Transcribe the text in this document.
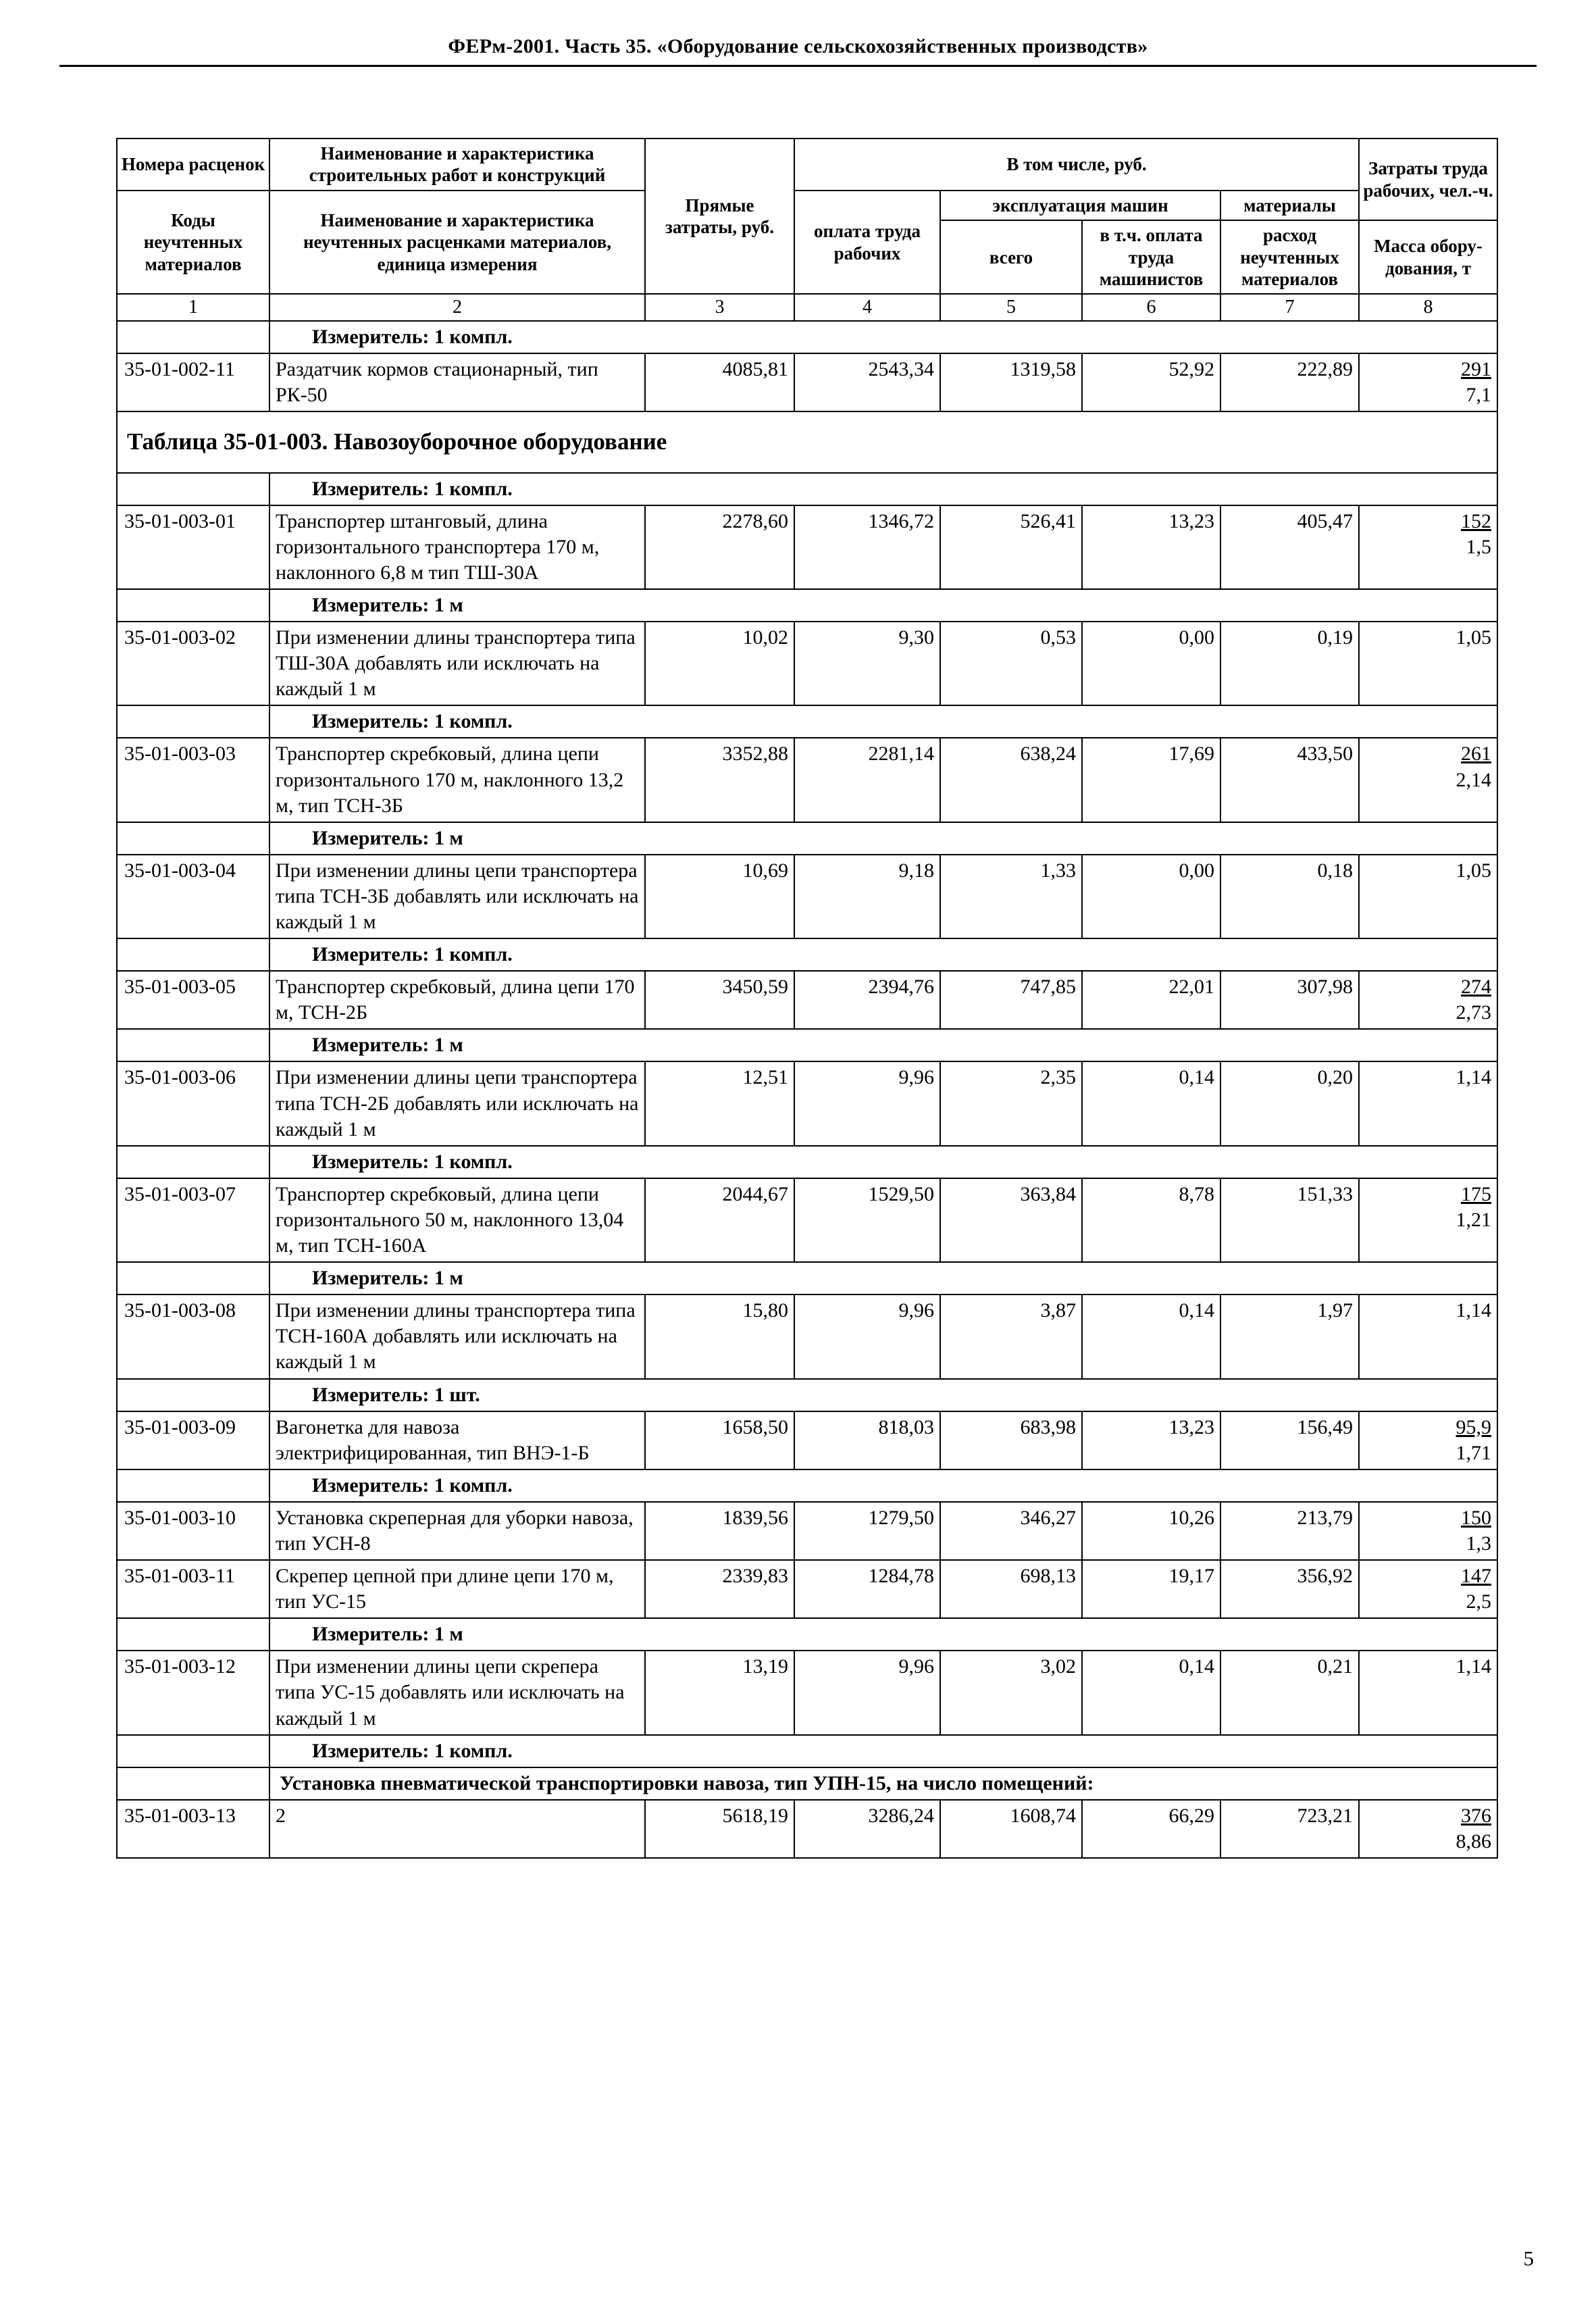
ФЕРм-2001. Часть 35. «Оборудование сельскохозяйственных производств»
Номера расценок	Наименование и характеристика строительных работ и конструкций	Прямые затраты, руб.	В том числе, руб.				Затраты труда рабочих, чел.-ч.
Коды неучтенных материалов	Наименование и характеристика неучтенных расценками материалов, единица измерения		оплата труда рабочих	эксплуатация машин		материалы	
				всего	в т.ч. оплата труда машинистов	расход неучтенных материалов	Масса оборудования, т
1	2	3	4	5	6	7	8
	Измеритель: 1 компл.						
35-01-002-11	Раздатчик кормов стационарный, тип РК-50	4085,81	2543,34	1319,58	52,92	222,89	291
7,1

Таблица 35-01-003. Навозоуборочное оборудование							
	Измеритель: 1 компл.						
35-01-003-01	Транспортер штанговый, длина горизонтального транспортера 170 м, наклонного 6,8 м тип ТШ-30А	2278,60	1346,72	526,41	13,23	405,47	152
1,5

	Измеритель: 1 м						
35-01-003-02	При изменении длины транспортера типа ТШ-30А добавлять или исключать на каждый 1 м	10,02	9,30	0,53	0,00	0,19	1,05

	Измеритель: 1 компл.						
35-01-003-03	Транспортер скребковый, длина цепи горизонтального 170 м, наклонного 13,2 м, тип ТСН-3Б	3352,88	2281,14	638,24	17,69	433,50	261
2,14

	Измеритель: 1 м						
35-01-003-04	При изменении длины цепи транспортера типа ТСН-3Б добавлять или исключать на каждый 1 м	10,69	9,18	1,33	0,00	0,18	1,05

	Измеритель: 1 компл.						
35-01-003-05	Транспортер скребковый, длина цепи 170 м, ТСН-2Б	3450,59	2394,76	747,85	22,01	307,98	274
2,73

	Измеритель: 1 м						
35-01-003-06	При изменении длины цепи транспортера типа ТСН-2Б добавлять или исключать на каждый 1 м	12,51	9,96	2,35	0,14	0,20	1,14

	Измеритель: 1 компл.						
35-01-003-07	Транспортер скребковый, длина цепи горизонтального 50 м, наклонного 13,04 м, тип ТСН-160А	2044,67	1529,50	363,84	8,78	151,33	175
1,21

	Измеритель: 1 м						
35-01-003-08	При изменении длины транспортера типа ТСН-160А добавлять или исключать на каждый 1 м	15,80	9,96	3,87	0,14	1,97	1,14

	Измеритель: 1 шт.						
35-01-003-09	Вагонетка для навоза электрифицированная, тип ВНЭ-1-Б	1658,50	818,03	683,98	13,23	156,49	95,9
1,71

	Измеритель: 1 компл.						
35-01-003-10	Установка скреперная для уборки навоза, тип УСН-8	1839,56	1279,50	346,27	10,26	213,79	150
1,3

35-01-003-11	Скрепер цепной при длине цепи 170 м, тип УС-15	2339,83	1284,78	698,13	19,17	356,92	147
2,5

	Измеритель: 1 м						
35-01-003-12	При изменении длины цепи скрепера типа УС-15 добавлять или исключать на каждый 1 м	13,19	9,96	3,02	0,14	0,21	1,14

	Измеритель: 1 компл.						
	Установка пневматической транспортировки навоза, тип УПН-15, на число помещений:						
35-01-003-13	2	5618,19	3286,24	1608,74	66,29	723,21	376
8,86
5
